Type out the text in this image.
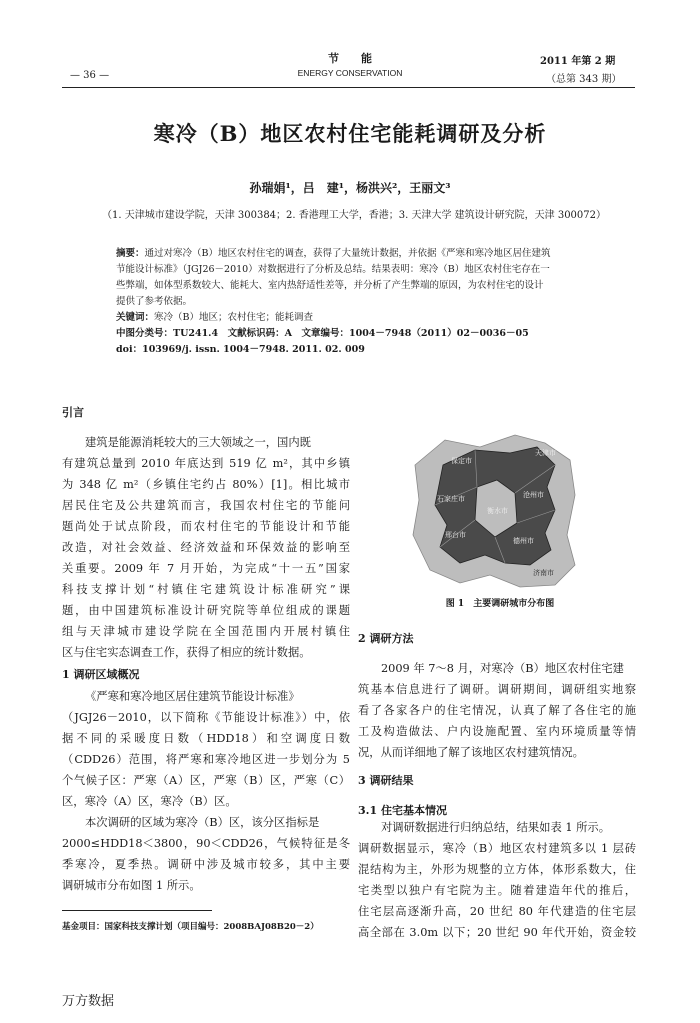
节　　能
ENERGY CONSERVATION
— 36 —
2011 年第 2 期
（总第 343 期）
寒冷（B）地区农村住宅能耗调研及分析
孙瑞娟¹，吕　建¹，杨洪兴²，王丽文³
（1. 天津城市建设学院，天津 300384；2. 香港理工大学，香港；3. 天津大学 建筑设计研究院，天津 300072）
摘要：通过对寒冷（B）地区农村住宅的调查，获得了大量统计数据，并依据《严寒和寒冷地区居住建筑
节能设计标准》（JGJ26－2010）对数据进行了分析及总结。结果表明：寒冷（B）地区农村住宅存在一
些弊端，如体型系数较大、能耗大、室内热舒适性差等，并分析了产生弊端的原因，为农村住宅的设计
提供了参考依据。
关键词：寒冷（B）地区；农村住宅；能耗调查
中图分类号：TU241.4　文献标识码：A　文章编号：1004－7948（2011）02－0036－05
doi：103969/j. issn. 1004－7948. 2011. 02. 009
引言
建筑是能源消耗较大的三大领域之一，国内既
有建筑总量到 2010 年底达到 519 亿 m²，其中乡镇
为 348 亿 m²（乡镇住宅约占 80%）[1]。相比城市
居民住宅及公共建筑而言，我国农村住宅的节能问
题尚处于试点阶段，而农村住宅的节能设计和节能
改造，对社会效益、经济效益和环保效益的影响至
关重要。2009 年 7 月开始，为完成“十一五”国家
科技支撑计划“村镇住宅建筑设计标准研究”课
题，由中国建筑标准设计研究院等单位组成的课题
组与天津城市建设学院在全国范围内开展村镇住
区与住宅实态调查工作，获得了相应的统计数据。
1 调研区域概况
《严寒和寒冷地区居住建筑节能设计标准》
（JGJ26－2010，以下简称《节能设计标准》）中，依
据不同的采暖度日数（HDD18）和空调度日数
（CDD26）范围，将严寒和寒冷地区进一步划分为 5
个气候子区：严寒（A）区，严寒（B）区，严寒（C）
区，寒冷（A）区，寒冷（B）区。
本次调研的区域为寒冷（B）区，该分区指标是
2000≤HDD18＜3800，90＜CDD26，气候特征是冬
季寒冷，夏季热。调研中涉及城市较多，其中主要
调研城市分布如图 1 所示。
基金项目：国家科技支撑计划（项目编号：2008BAJ08B20－2）
保定市
天津市
石家庄市
衡水市
沧州市
德州市
邢台市
济南市
图 1　主要调研城市分布图
2 调研方法
2009 年 7～8 月，对寒冷（B）地区农村住宅建
筑基本信息进行了调研。调研期间，调研组实地察
看了各家各户的住宅情况，认真了解了各住宅的施
工及构造做法、户内设施配置、室内环境质量等情
况，从而详细地了解了该地区农村建筑情况。
3 调研结果
3.1 住宅基本情况
对调研数据进行归纳总结，结果如表 1 所示。
调研数据显示，寒冷（B）地区农村建筑多以 1 层砖
混结构为主，外形为规整的立方体，体形系数大，住
宅类型以独户有宅院为主。随着建造年代的推后，
住宅层高逐渐升高，20 世纪 80 年代建造的住宅层
高全部在 3.0m 以下；20 世纪 90 年代开始，资金较
万方数据
